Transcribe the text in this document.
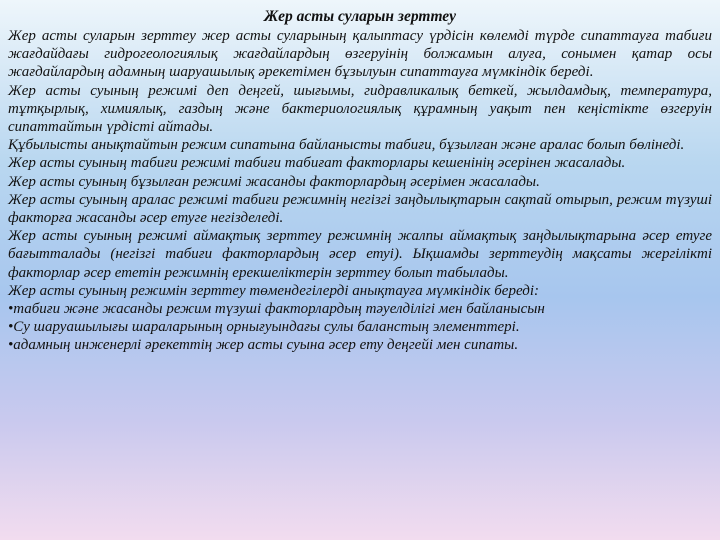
Жер асты суларын зерттеу

Жер асты суларын зерттеу жер асты суларының қалыптасу үрдісін көлемді түрде сипаттауға табиғи жағдайдағы гидрогеологиялық жағдайлардың өзгеруінің болжамын алуға, сонымен қатар осы жағдайлардың адамның шаруашылық әрекетімен бұзылуын сипаттауға мүмкіндік береді.

Жер асты суының режимі деп деңгей, шығымы, гидравликалық беткей, жылдамдық, температура, тұтқырлық, химиялық, газдың және бактериологиялық құрамның уақыт пен кеңістікте өзгеруін сипаттайтын үрдісті айтады.

Құбылысты анықтайтын режим сипатына байланысты табиғи, бұзылған және аралас болып бөлінеді.

Жер асты суының табиғи режимі табиғи табиғат факторлары кешенінің әсерінен жасалады.

Жер асты суының бұзылған режимі жасанды факторлардың әсерімен жасалады.

Жер асты суының аралас режимі табиғи режимнің негізгі заңдылықтарын сақтай отырып, режим түзуші факторға жасанды әсер етуге негізделеді.

Жер асты суының режимі аймақтық зерттеу режимнің жалпы аймақтық заңдылықтарына әсер етуге бағытталады (негізгі табиғи факторлардың әсер етуі). Ықшамды зерттеудің мақсаты жергілікті факторлар әсер ететін режимнің ерекшеліктерін зерттеу болып табылады.

Жер асты суының режимін зерттеу төмендегілерді анықтауға мүмкіндік береді:

•табиғи және жасанды режим түзуші факторлардың тәуелділігі мен байланысын

•Су шаруашылығы шараларының орнығуындағы сулы баланстың элементтері.

•адамның инженерлі әрекеттің жер асты суына әсер ету деңгейі мен сипаты.
